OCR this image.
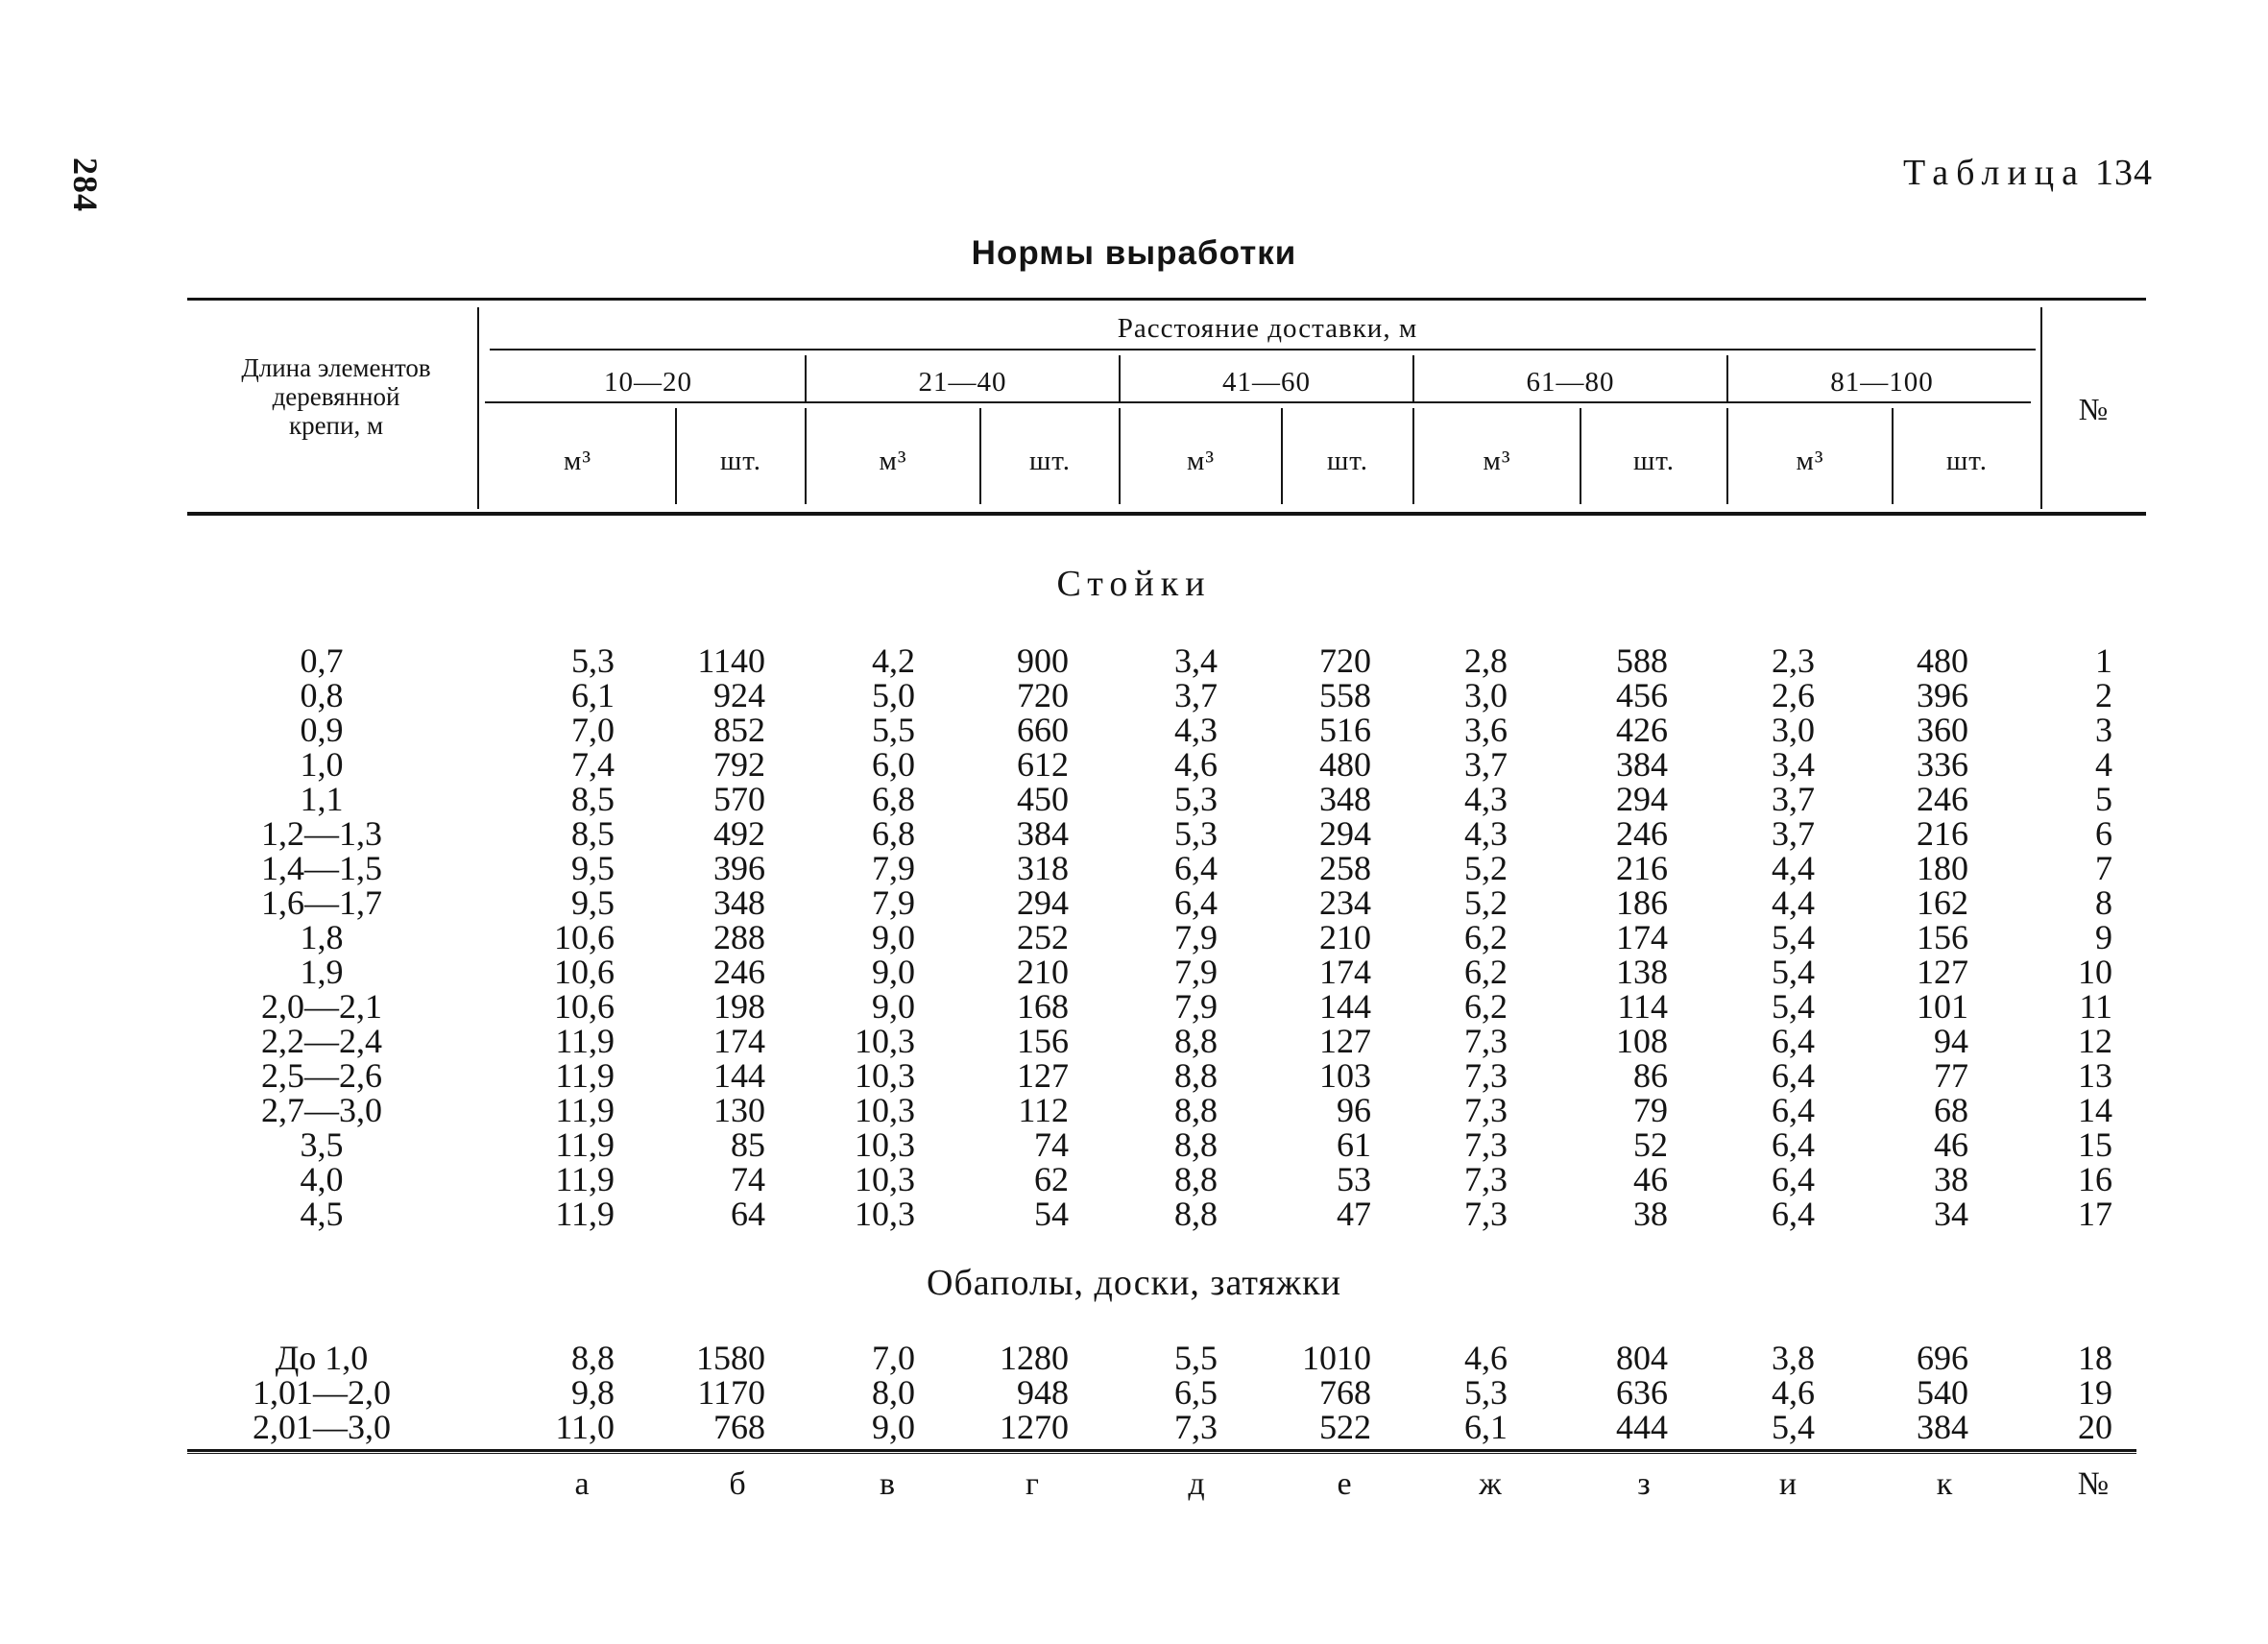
284	Таблица 134
Нормы выработки
Длина элементов деревянной крепи, м
Расстояние доставки, м
10—20	21—40	41—60	61—80	81—100
м³	шт.	м³	шт.	м³	шт.	м³	шт.	м³	шт.
№
Стойки
Обаполы, доски, затяжки
0,7	5,3	1140	4,2	900	3,4	720	2,8	588	2,3	480	1
0,8	6,1	924	5,0	720	3,7	558	3,0	456	2,6	396	2
0,9	7,0	852	5,5	660	4,3	516	3,6	426	3,0	360	3
1,0	7,4	792	6,0	612	4,6	480	3,7	384	3,4	336	4
1,1	8,5	570	6,8	450	5,3	348	4,3	294	3,7	246	5
1,2—1,3	8,5	492	6,8	384	5,3	294	4,3	246	3,7	216	6
1,4—1,5	9,5	396	7,9	318	6,4	258	5,2	216	4,4	180	7
1,6—1,7	9,5	348	7,9	294	6,4	234	5,2	186	4,4	162	8
1,8	10,6	288	9,0	252	7,9	210	6,2	174	5,4	156	9
1,9	10,6	246	9,0	210	7,9	174	6,2	138	5,4	127	10
2,0—2,1	10,6	198	9,0	168	7,9	144	6,2	114	5,4	101	11
2,2—2,4	11,9	174	10,3	156	8,8	127	7,3	108	6,4	94	12
2,5—2,6	11,9	144	10,3	127	8,8	103	7,3	86	6,4	77	13
2,7—3,0	11,9	130	10,3	112	8,8	96	7,3	79	6,4	68	14
3,5	11,9	85	10,3	74	8,8	61	7,3	52	6,4	46	15
4,0	11,9	74	10,3	62	8,8	53	7,3	46	6,4	38	16
4,5	11,9	64	10,3	54	8,8	47	7,3	38	6,4	34	17
До 1,0	8,8	1580	7,0	1280	5,5	1010	4,6	804	3,8	696	18
1,01—2,0	9,8	1170	8,0	948	6,5	768	5,3	636	4,6	540	19
2,01—3,0	11,0	768	9,0	1270	7,3	522	6,1	444	5,4	384	20
а	б	в	г	д	е	ж	з	и	к	№
